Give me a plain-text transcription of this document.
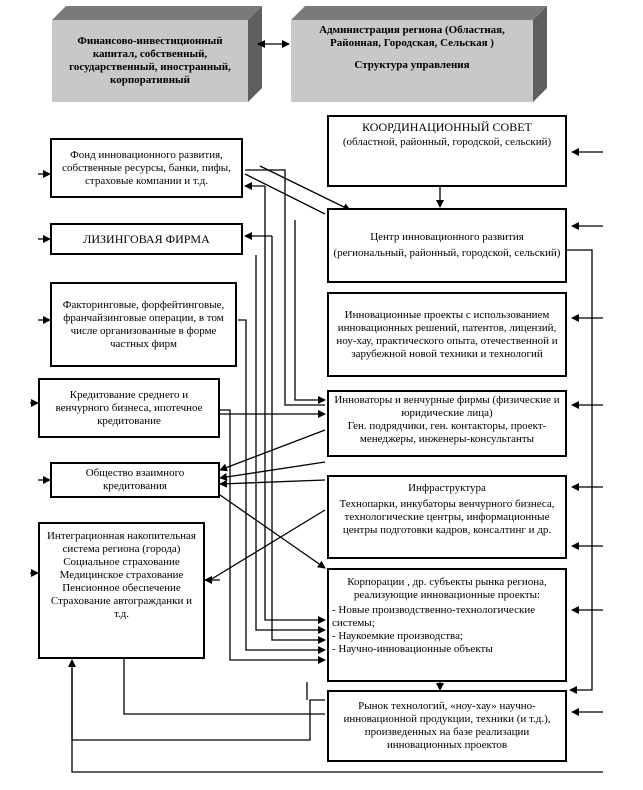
Финансово-инвестиционный капитал, собственный, государственный, иностранный, корпоративный
Администрация региона (Областная, Районная, Городская, Сельская )
Структура управления
Фонд инновационного развития, собственные ресурсы, банки, пифы, страховые компании и т.д.
ЛИЗИНГОВАЯ ФИРМА
Факторинговые, форфейтинговые, франчайзинговые операции, в том числе организованные в форме частных фирм
Кредитование среднего и венчурного бизнеса, ипотечное кредитование
Общество взаимного кредитования
Интеграционная накопительная система региона (города)
Социальное страхование
Медицинское страхование
Пенсионное обеспечение
Страхование автогражданки и т.д.
КООРДИНАЦИОННЫЙ СОВЕТ
(областной, районный, городской, сельский)
Центр инновационного развития
(региональный, районный, городской, сельский)
Инновационные проекты с использованием инновационных решений, патентов, лицензий, ноу-хау, практического опыта, отечественной и зарубежной новой техники и технологий
Инноваторы и венчурные фирмы (физические и юридические лица)
Ген. подрядчики, ген. контакторы, проект-менеджеры, инженеры-консультанты
Инфраструктура
Технопарки, инкубаторы венчурного бизнеса, технологические центры, информационные центры подготовки кадров, консалтинг и др.
Корпорации , др. субъекты рынка региона, реализующие инновационные проекты:
- Новые производственно-технологические системы;
- Наукоемкие производства;
- Научно-инновационные объекты
Рынок технологий, «ноу-хау» научно-инновационной продукции, техники (и т.д.), произведенных на базе реализации инновационных проектов
